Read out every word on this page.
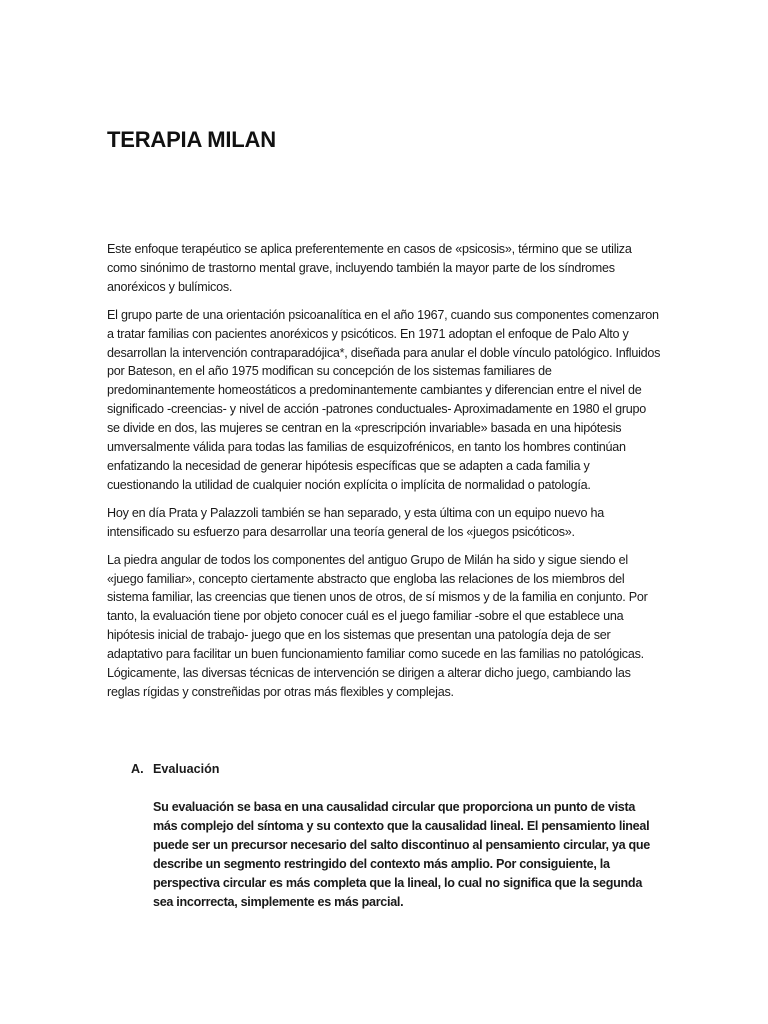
TERAPIA MILAN

Este enfoque terapéutico se aplica preferentemente en casos de «psicosis», término que se utiliza como sinónimo de trastorno mental grave, incluyendo también la mayor parte de los síndromes anoréxicos y bulímicos.

El grupo parte de una orientación psicoanalítica en el año 1967, cuando sus componentes comenzaron a tratar familias con pacientes anoréxicos y psicóticos. En 1971 adoptan el enfoque de Palo Alto y desarrollan la intervención contraparadójica*, diseñada para anular el doble vínculo patológico. Influidos por Bateson, en el año 1975 modifican su concepción de los sistemas familiares de predominantemente homeostáticos a predominantemente cambiantes y diferencian entre el nivel de significado -creencias- y nivel de acción -patrones conductuales- Aproximadamente en 1980 el grupo se divide en dos, las mujeres se centran en la «prescripción invariable» basada en una hipótesis umversalmente válida para todas las familias de esquizofrénicos, en tanto los hombres continúan enfatizando la necesidad de generar hipótesis específicas que se adapten a cada familia y cuestionando la utilidad de cualquier noción explícita o implícita de normalidad o patología.

Hoy en día Prata y Palazzoli también se han separado, y esta última con un equipo nuevo ha intensificado su esfuerzo para desarrollar una teoría general de los «juegos psicóticos».

La piedra angular de todos los componentes del antiguo Grupo de Milán ha sido y sigue siendo el «juego familiar», concepto ciertamente abstracto que engloba las relaciones de los miembros del sistema familiar, las creencias que tienen unos de otros, de sí mismos y de la familia en conjunto. Por tanto, la evaluación tiene por objeto conocer cuál es el juego familiar -sobre el que establece una hipótesis inicial de trabajo- juego que en los sistemas que presentan una patología deja de ser adaptativo para facilitar un buen funcionamiento familiar como sucede en las familias no patológicas. Lógicamente, las diversas técnicas de intervención se dirigen a alterar dicho juego, cambiando las reglas rígidas y constreñidas por otras más flexibles y complejas.

A. Evaluación

Su evaluación se basa en una causalidad circular que proporciona un punto de vista más complejo del síntoma y su contexto que la causalidad lineal. El pensamiento lineal puede ser un precursor necesario del salto discontinuo al pensamiento circular, ya que describe un segmento restringido del contexto más amplio. Por consiguiente, la perspectiva circular es más completa que la lineal, lo cual no significa que la segunda sea incorrecta, simplemente es más parcial.
